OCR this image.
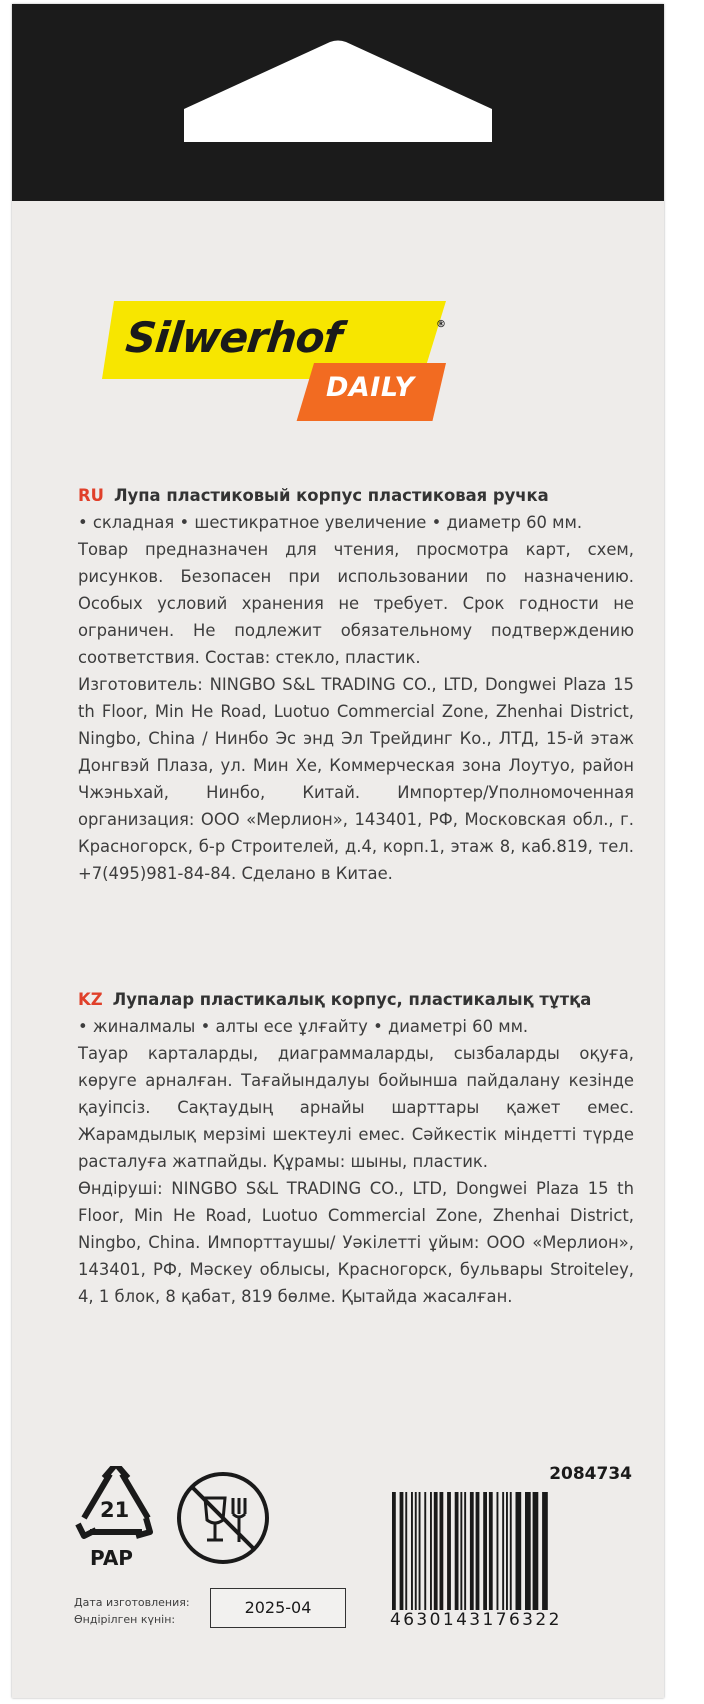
Silwerhof	®
DAILY

RU Лупа пластиковый корпус пластиковая ручка

• складная • шестикратное увеличение • диаметр 60 мм.

Товар предназначен для чтения, просмотра карт, схем, рисунков. Безопасен при использовании по назначению. Особых условий хранения не требует. Срок годности не ограничен. Не подлежит обязательному подтверждению соответствия. Состав: стекло, пластик.

Изготовитель: NINGBO S&L TRADING CO., LTD, Dongwei Plaza 15 th Floor, Min He Road, Luotuo Commercial Zone, Zhenhai District, Ningbo, China / Нинбо Эс энд Эл Трейдинг Ко., ЛТД, 15-й этаж Донгвэй Плаза, ул. Мин Хе, Коммерческая зона Лоутуо, район Чжэньхай, Нинбо, Китай. Импортер/Уполномоченная организация: ООО «Мерлион», 143401, РФ, Московская обл., г. Красногорск, б-р Строителей, д.4, корп.1, этаж 8, каб.819, тел. +7(495)981-84-84. Сделано в Китае.

KZ Лупалар пластикалық корпус, пластикалық тұтқа

• жиналмалы • алты есе ұлғайту • диаметрі 60 мм.

Тауар карталарды, диаграммаларды, сызбаларды оқуға, көруге арналған. Тағайындалуы бойынша пайдалану кезінде қауіпсіз. Сақтаудың арнайы шарттары қажет емес. Жарамдылық мерзімі шектеулі емес. Сәйкестік міндетті түрде расталуға жатпайды. Құрамы: шыны, пластик.

Өндіруші: NINGBO S&L TRADING CO., LTD, Dongwei Plaza 15 th Floor, Min He Road, Luotuo Commercial Zone, Zhenhai District, Ningbo, China. Импорттаушы/ Уәкілетті ұйым: ООО «Мерлион», 143401, РФ, Мәскеу облысы, Красногорск, бульвары Stroiteley, 4, 1 блок, 8 қабат, 819 бөлме. Қытайда жасалған.

2084734
21
PAP
Дата изготовления:
Өндірілген күнін:
2025-04
4630143176322
